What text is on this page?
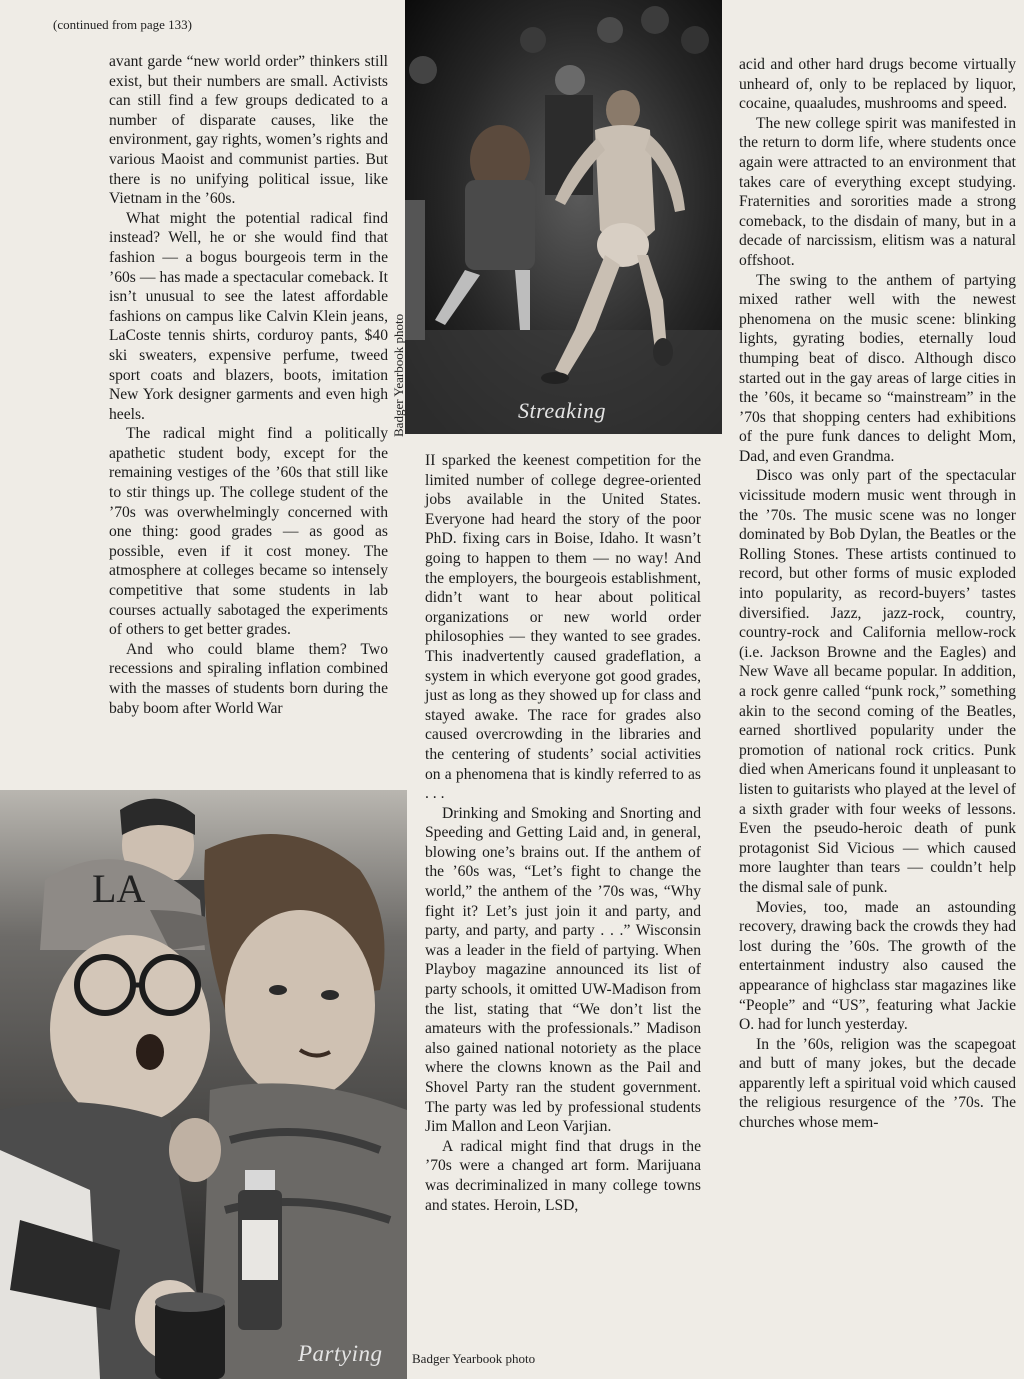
(continued from page 133)

avant garde “new world order” thinkers still exist, but their numbers are small. Activists can still find a few groups dedicated to a number of disparate causes, like the environment, gay rights, women’s rights and various Maoist and communist parties. But there is no unifying political issue, like Vietnam in the ’60s.

What might the potential radical find instead? Well, he or she would find that fashion — a bogus bourgeois term in the ’60s — has made a spectacular comeback. It isn’t unusual to see the latest affordable fashions on campus like Calvin Klein jeans, LaCoste tennis shirts, corduroy pants, $40 ski sweaters, expensive perfume, tweed sport coats and blazers, boots, imitation New York designer garments and even high heels.

The radical might find a politically apathetic student body, except for the remaining vestiges of the ’60s that still like to stir things up. The college student of the ’70s was overwhelmingly concerned with one thing: good grades — as good as possible, even if it cost money. The atmosphere at colleges became so intensely competitive that some students in lab courses actually sabotaged the experiments of others to get better grades.

And who could blame them? Two recessions and spiraling inflation combined with the masses of students born during the baby boom after World War

Streaking
Badger Yearbook photo

II sparked the keenest competition for the limited number of college degree-oriented jobs available in the United States. Everyone had heard the story of the poor PhD. fixing cars in Boise, Idaho. It wasn’t going to happen to them — no way! And the employers, the bourgeois establishment, didn’t want to hear about political organizations or new world order philosophies — they wanted to see grades. This inadvertently caused gradeflation, a system in which everyone got good grades, just as long as they showed up for class and stayed awake. The race for grades also caused overcrowding in the libraries and the centering of students’ social activities on a phenomena that is kindly referred to as . . .

Drinking and Smoking and Snorting and Speeding and Getting Laid and, in general, blowing one’s brains out. If the anthem of the ’60s was, “Let’s fight to change the world,” the anthem of the ’70s was, “Why fight it? Let’s just join it and party, and party, and party, and party . . .” Wisconsin was a leader in the field of partying. When Playboy magazine announced its list of party schools, it omitted UW-Madison from the list, stating that “We don’t list the amateurs with the professionals.” Madison also gained national notoriety as the place where the clowns known as the Pail and Shovel Party ran the student government. The party was led by professional students Jim Mallon and Leon Varjian.

A radical might find that drugs in the ’70s were a changed art form. Marijuana was decriminalized in many college towns and states. Heroin, LSD,

acid and other hard drugs become virtually unheard of, only to be replaced by liquor, cocaine, quaaludes, mushrooms and speed.

The new college spirit was manifested in the return to dorm life, where students once again were attracted to an environment that takes care of everything except studying. Fraternities and sororities made a strong comeback, to the disdain of many, but in a decade of narcissism, elitism was a natural offshoot.

The swing to the anthem of partying mixed rather well with the newest phenomena on the music scene: blinking lights, gyrating bodies, eternally loud thumping beat of disco. Although disco started out in the gay areas of large cities in the ’60s, it became so “mainstream” in the ’70s that shopping centers had exhibitions of the pure funk dances to delight Mom, Dad, and even Grandma.

Disco was only part of the spectacular vicissitude modern music went through in the ’70s. The music scene was no longer dominated by Bob Dylan, the Beatles or the Rolling Stones. These artists continued to record, but other forms of music exploded into popularity, as record-buyers’ tastes diversified. Jazz, jazz-rock, country, country-rock and California mellow-rock (i.e. Jackson Browne and the Eagles) and New Wave all became popular. In addition, a rock genre called “punk rock,” something akin to the second coming of the Beatles, earned shortlived popularity under the promotion of national rock critics. Punk died when Americans found it unpleasant to listen to guitarists who played at the level of a sixth grader with four weeks of lessons. Even the pseudo-heroic death of punk protagonist Sid Vicious — which caused more laughter than tears — couldn’t help the dismal sale of punk.

Movies, too, made an astounding recovery, drawing back the crowds they had lost during the ’60s. The growth of the entertainment industry also caused the appearance of highclass star magazines like “People” and “US”, featuring what Jackie O. had for lunch yesterday.

In the ’60s, religion was the scapegoat and butt of many jokes, but the decade apparently left a spiritual void which caused the religious resurgence of the ’70s. The churches whose mem-

LA
Partying Badger Yearbook photo
